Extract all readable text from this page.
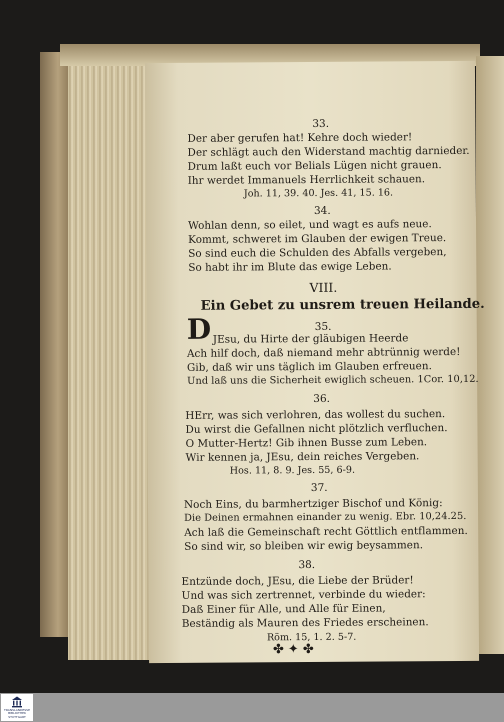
33.
Der aber gerufen hat! Kehre doch wieder!
Der schlägt auch den Widerstand machtig darnieder.
Drum laßt euch vor Belials Lügen nicht grauen.
Ihr werdet Immanuels Herrlichkeit schauen.
Joh. 11, 39. 40. Jes. 41, 15. 16.
34.
Wohlan denn, so eilet, und wagt es aufs neue.
Kommt, schweret im Glauben der ewigen Treue.
So sind euch die Schulden des Abfalls vergeben,
So habt ihr im Blute das ewige Leben.
VIII.
Ein Gebet zu unsrem treuen Heilande.
35.
D JEsu, du Hirte der gläubigen Heerde
Ach hilf doch, daß niemand mehr abtrünnig werde!
Gib, daß wir uns täglich im Glauben erfreuen.
Und laß uns die Sicherheit ewiglich scheuen. 1Cor. 10,12.
36.
HErr, was sich verlohren, das wollest du suchen.
Du wirst die Gefallnen nicht plötzlich verfluchen.
O Mutter-Hertz! Gib ihnen Busse zum Leben.
Wir kennen ja, JEsu, dein reiches Vergeben.
Hos. 11, 8. 9. Jes. 55, 6-9.
37.
Noch Eins, du barmhertziger Bischof und König:
Die Deinen ermahnen einander zu wenig. Ebr. 10,24.25.
Ach laß die Gemeinschaft recht Göttlich entflammen.
So sind wir, so bleiben wir ewig beysammen.
38.
Entzünde doch, JEsu, die Liebe der Brüder!
Und was sich zertrennet, verbinde du wieder:
Daß Einer für Alle, und Alle für Einen,
Beständig als Mauren des Friedes erscheinen.
Röm. 15, 1. 2. 5-7.
✤✦✤
TRANSLANDESSE
BIBLIOTHEK
STUTTGART
